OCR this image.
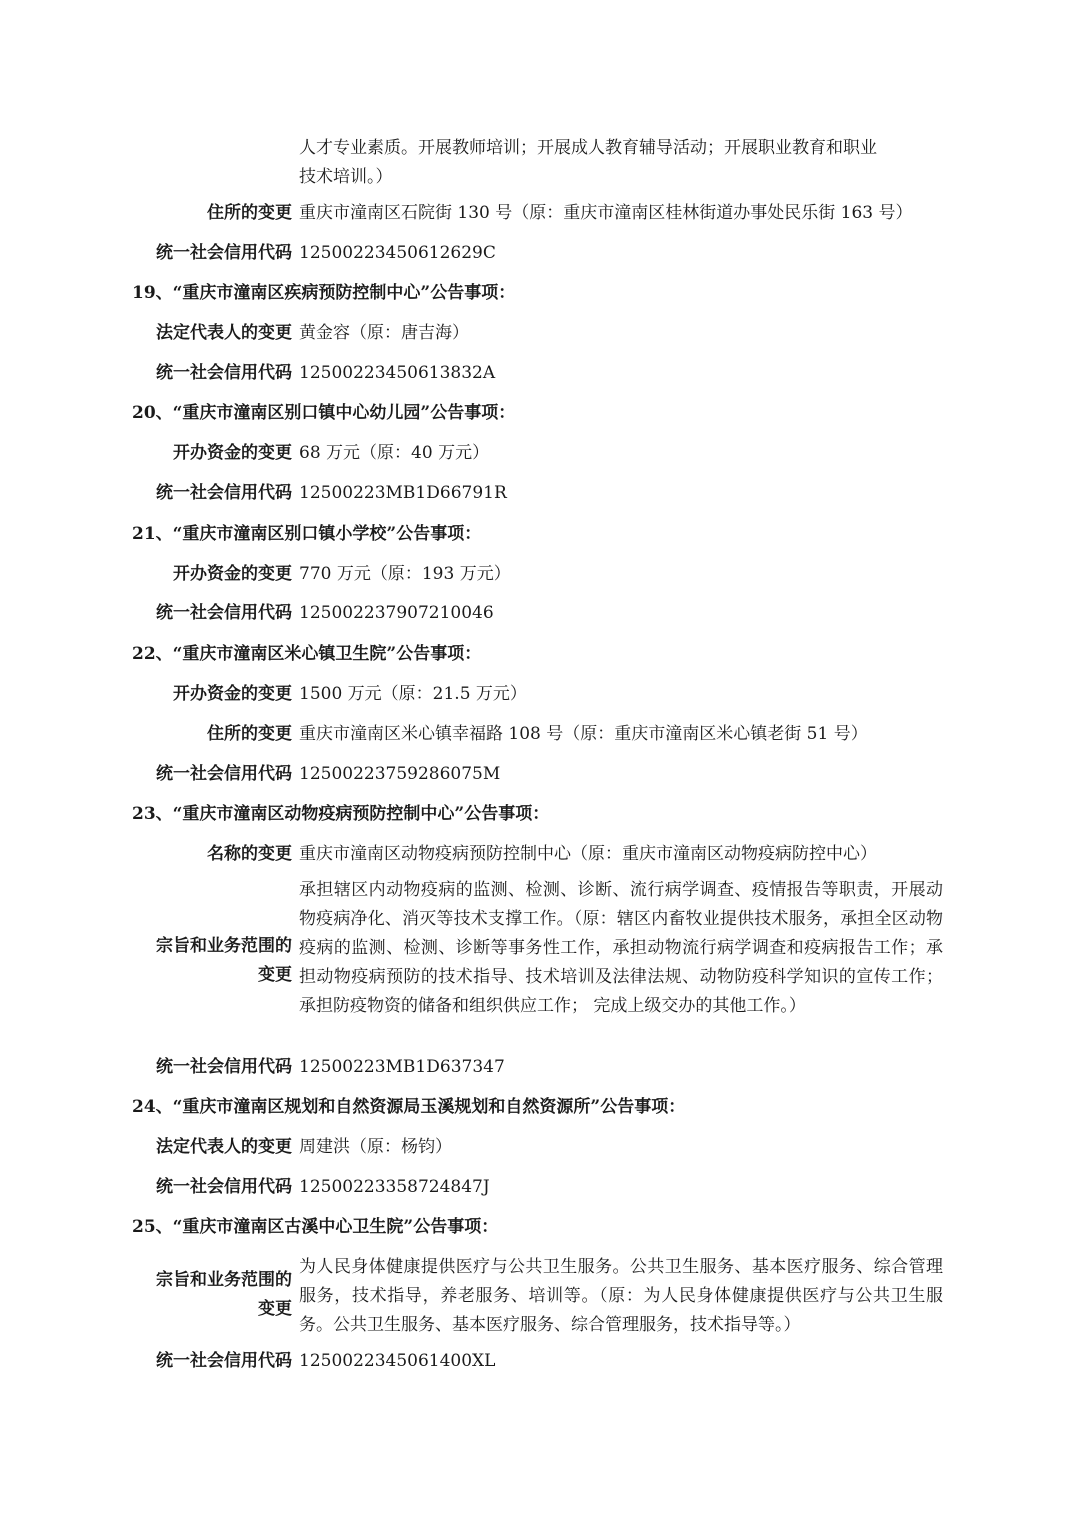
人才专业素质。开展教师培训；开展成人教育辅导活动；开展职业教育和职业
技术培训。）
住所的变更 重庆市潼南区石院街 130 号（原：重庆市潼南区桂林街道办事处民乐街 163 号）
统一社会信用代码 12500223450612629C
19、“重庆市潼南区疾病预防控制中心”公告事项：
法定代表人的变更 黄金容（原：唐吉海）
统一社会信用代码 12500223450613832A
20、“重庆市潼南区别口镇中心幼儿园”公告事项：
开办资金的变更 68 万元（原：40 万元）
统一社会信用代码 12500223MB1D66791R
21、“重庆市潼南区别口镇小学校”公告事项：
开办资金的变更 770 万元（原：193 万元）
统一社会信用代码 125002237907210046
22、“重庆市潼南区米心镇卫生院”公告事项：
开办资金的变更 1500 万元（原：21.5 万元）
住所的变更 重庆市潼南区米心镇幸福路 108 号（原：重庆市潼南区米心镇老街 51 号）
统一社会信用代码 12500223759286075M
23、“重庆市潼南区动物疫病预防控制中心”公告事项：
名称的变更 重庆市潼南区动物疫病预防控制中心（原：重庆市潼南区动物疫病防控中心）
宗旨和业务范围的
变更
承担辖区内动物疫病的监测、检测、诊断、流行病学调查、疫情报告等职责，开展动物疫病净化、消灭等技术支撑工作。（原：辖区内畜牧业提供技术服务，承担全区动物疫病的监测、检测、诊断等事务性工作，承担动物流行病学调查和疫病报告工作；承担动物疫病预防的技术指导、技术培训及法律法规、动物防疫科学知识的宣传工作；承担防疫物资的储备和组织供应工作； 完成上级交办的其他工作。）
统一社会信用代码 12500223MB1D637347
24、“重庆市潼南区规划和自然资源局玉溪规划和自然资源所”公告事项：
法定代表人的变更 周建洪（原：杨钧）
统一社会信用代码 12500223358724847J
25、“重庆市潼南区古溪中心卫生院”公告事项：
宗旨和业务范围的
变更
为人民身体健康提供医疗与公共卫生服务。公共卫生服务、基本医疗服务、综合管理服务，技术指导，养老服务、培训等。（原：为人民身体健康提供医疗与公共卫生服务。公共卫生服务、基本医疗服务、综合管理服务，技术指导等。）
统一社会信用代码 1250022345061400XL
